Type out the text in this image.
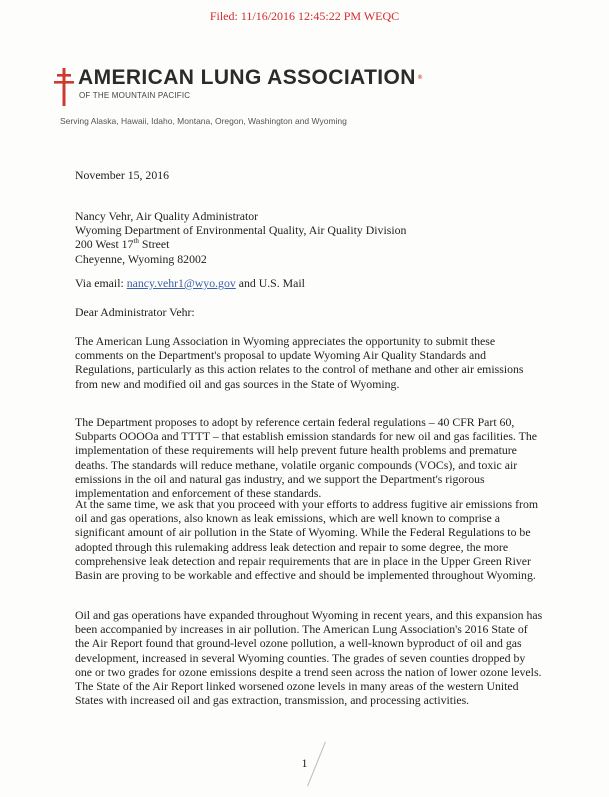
Filed: 11/16/2016 12:45:22 PM WEQC
AMERICAN LUNG ASSOCIATION ®
OF THE MOUNTAIN PACIFIC
Serving Alaska, Hawaii, Idaho, Montana, Oregon, Washington and Wyoming
November 15, 2016

Nancy Vehr, Air Quality Administrator

Wyoming Department of Environmental Quality, Air Quality Division

200 West 17th Street

Cheyenne, Wyoming 82002

Via email: nancy.vehr1@wyo.gov and U.S. Mail
Dear Administrator Vehr:
The American Lung Association in Wyoming appreciates the opportunity to submit these comments on the Department's proposal to update Wyoming Air Quality Standards and Regulations, particularly as this action relates to the control of methane and other air emissions from new and modified oil and gas sources in the State of Wyoming.
The Department proposes to adopt by reference certain federal regulations – 40 CFR Part 60, Subparts OOOOa and TTTT – that establish emission standards for new oil and gas facilities. The implementation of these requirements will help prevent future health problems and premature deaths. The standards will reduce methane, volatile organic compounds (VOCs), and toxic air emissions in the oil and natural gas industry, and we support the Department's rigorous implementation and enforcement of these standards.
At the same time, we ask that you proceed with your efforts to address fugitive air emissions from oil and gas operations, also known as leak emissions, which are well known to comprise a significant amount of air pollution in the State of Wyoming. While the Federal Regulations to be adopted through this rulemaking address leak detection and repair to some degree, the more comprehensive leak detection and repair requirements that are in place in the Upper Green River Basin are proving to be workable and effective and should be implemented throughout Wyoming.
Oil and gas operations have expanded throughout Wyoming in recent years, and this expansion has been accompanied by increases in air pollution. The American Lung Association's 2016 State of the Air Report found that ground-level ozone pollution, a well-known byproduct of oil and gas development, increased in several Wyoming counties. The grades of seven counties dropped by one or two grades for ozone emissions despite a trend seen across the nation of lower ozone levels. The State of the Air Report linked worsened ozone levels in many areas of the western United States with increased oil and gas extraction, transmission, and processing activities.
1
